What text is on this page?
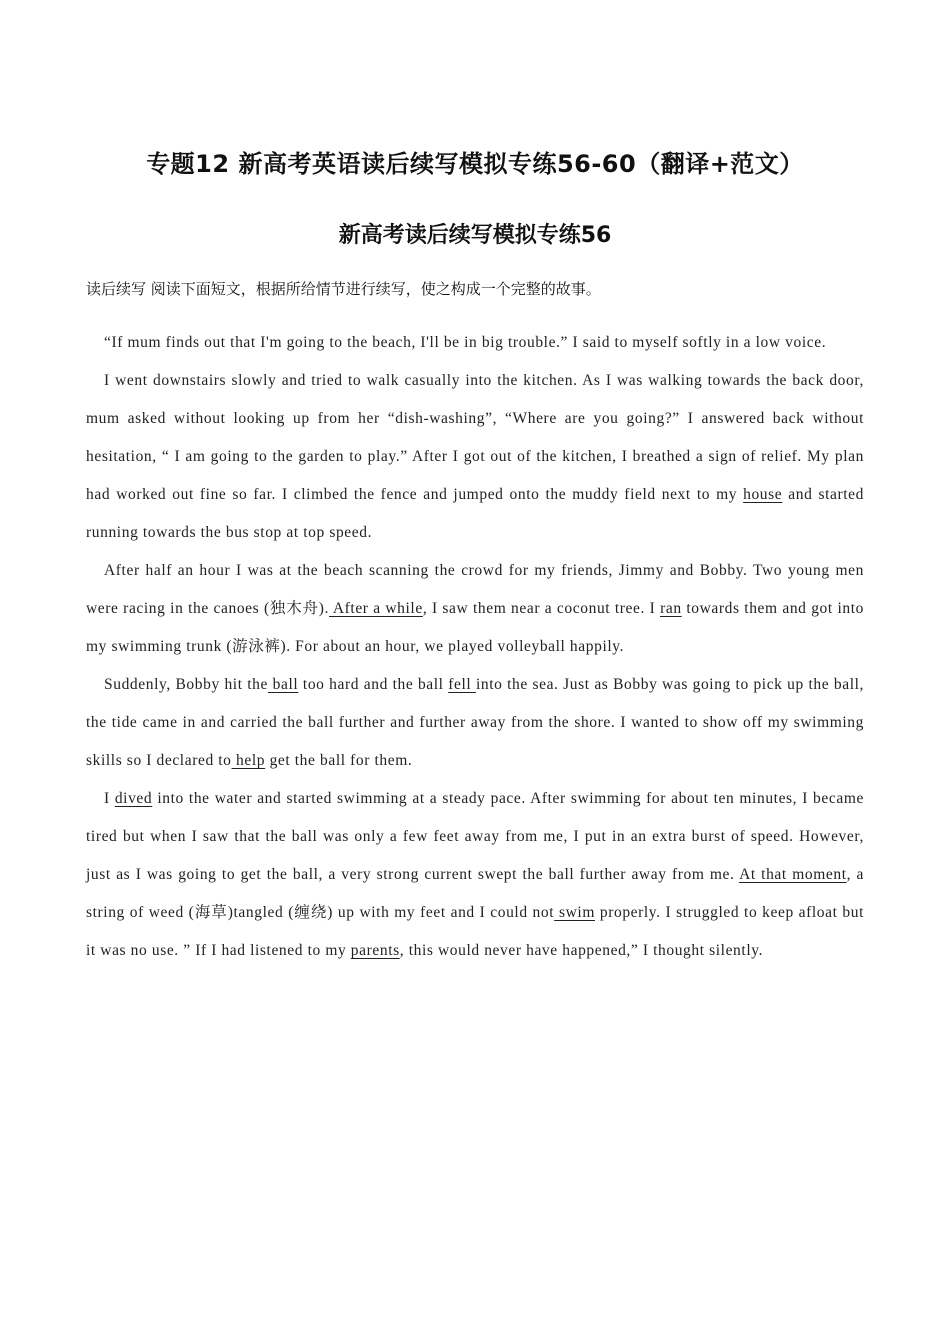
专题12 新高考英语读后续写模拟专练56-60（翻译+范文）
新高考读后续写模拟专练56
读后续写 阅读下面短文，根据所给情节进行续写，使之构成一个完整的故事。

“If mum finds out that I'm going to the beach, I'll be in big trouble.” I said to myself softly in a low voice.

I went downstairs slowly and tried to walk casually into the kitchen. As I was walking towards the back door, mum asked without looking up from her “dish-washing”, “Where are you going?” I answered back without hesitation, “ I am going to the garden to play.” After I got out of the kitchen, I breathed a sign of relief. My plan had worked out fine so far. I climbed the fence and jumped onto the muddy field next to my house and started running towards the bus stop at top speed.

After half an hour I was at the beach scanning the crowd for my friends, Jimmy and Bobby. Two young men were racing in the canoes (独木舟). After a while, I saw them near a coconut tree. I ran towards them and got into my swimming trunk (游泳裤). For about an hour, we played volleyball happily.

Suddenly, Bobby hit the ball too hard and the ball fell into the sea. Just as Bobby was going to pick up the ball, the tide came in and carried the ball further and further away from the shore. I wanted to show off my swimming skills so I declared to help get the ball for them.

I dived into the water and started swimming at a steady pace. After swimming for about ten minutes, I became tired but when I saw that the ball was only a few feet away from me, I put in an extra burst of speed. However, just as I was going to get the ball, a very strong current swept the ball further away from me. At that moment, a string of weed (海草)tangled (缠绕) up with my feet and I could not swim properly. I struggled to keep afloat but it was no use. ” If I had listened to my parents, this would never have happened,” I thought silently.
